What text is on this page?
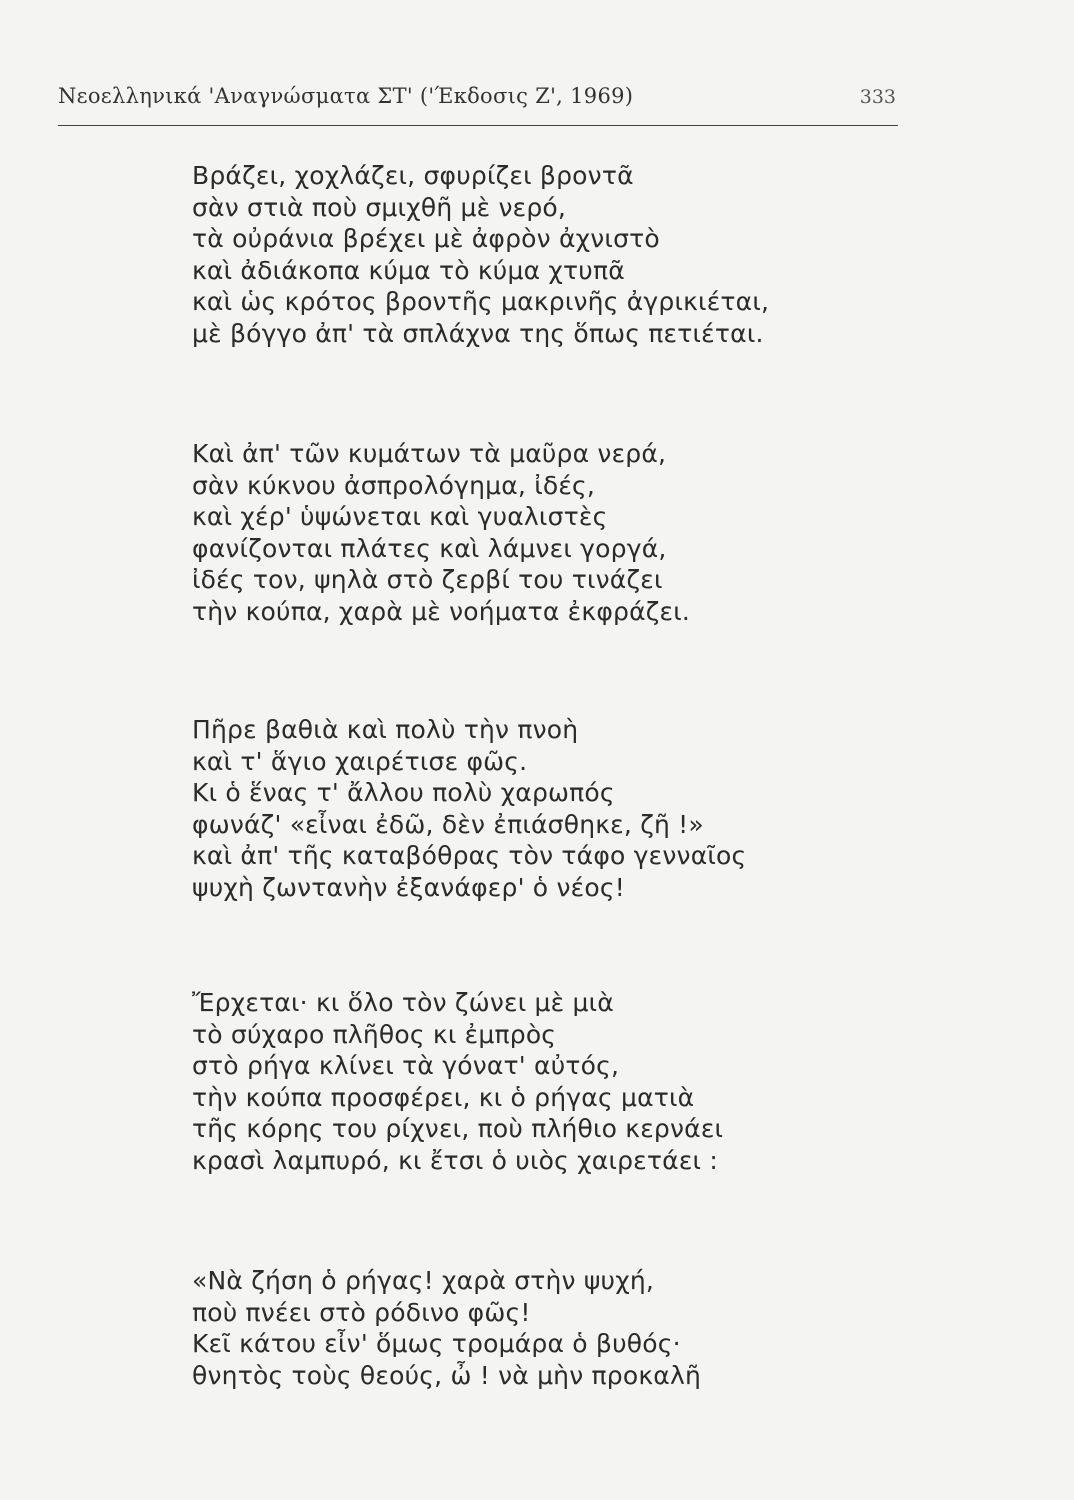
Νεοελληνικά 'Αναγνώσματα ΣΤ' ('Έκδοσις Ζ', 1969)	333
Βράζει, χοχλάζει, σφυρίζει βροντᾶ
σὰν στιὰ ποὺ σμιχθῆ μὲ νερό,
τὰ οὐράνια βρέχει μὲ ἀφρὸν ἀχνιστὸ
καὶ ἀδιάκοπα κύμα τὸ κύμα χτυπᾶ
καὶ ὡς κρότος βροντῆς μακρινῆς ἀγρικιέται,
μὲ βόγγο ἀπ' τὰ σπλάχνα της ὅπως πετιέται.
Καὶ ἀπ' τῶν κυμάτων τὰ μαῦρα νερά,
σὰν κύκνου ἀσπρολόγημα, ἰδές,
καὶ χέρ' ὑψώνεται καὶ γυαλιστὲς
φανίζονται πλάτες καὶ λάμνει γοργά,
ἰδές τον, ψηλὰ στὸ ζερβί του τινάζει
τὴν κούπα, χαρὰ μὲ νοήματα ἐκφράζει.
Πῆρε βαθιὰ καὶ πολὺ τὴν πνοὴ
καὶ τ' ἅγιο χαιρέτισε φῶς.
Κι ὁ ἕνας τ' ἄλλου πολὺ χαρωπός
φωνάζ' «εἶναι ἐδῶ, δὲν ἐπιάσθηκε, ζῆ !»
καὶ ἀπ' τῆς καταβόθρας τὸν τάφο γενναῖος
ψυχὴ ζωντανὴν ἐξανάφερ' ὁ νέος!
Ἔρχεται· κι ὅλο τὸν ζώνει μὲ μιὰ
τὸ σύχαρο πλῆθος κι ἐμπρὸς
στὸ ρήγα κλίνει τὰ γόνατ' αὐτός,
τὴν κούπα προσφέρει, κι ὁ ρήγας ματιὰ
τῆς κόρης του ρίχνει, ποὺ πλήθιο κερνάει
κρασὶ λαμπυρό, κι ἔτσι ὁ υιὸς χαιρετάει :
«Νὰ ζήση ὁ ρήγας! χαρὰ στὴν ψυχή,
ποὺ πνέει στὸ ρόδινο φῶς!
Κεῖ κάτου εἶν' ὅμως τρομάρα ὁ βυθός·
θνητὸς τοὺς θεούς, ὦ ! νὰ μὴν προκαλῆ
